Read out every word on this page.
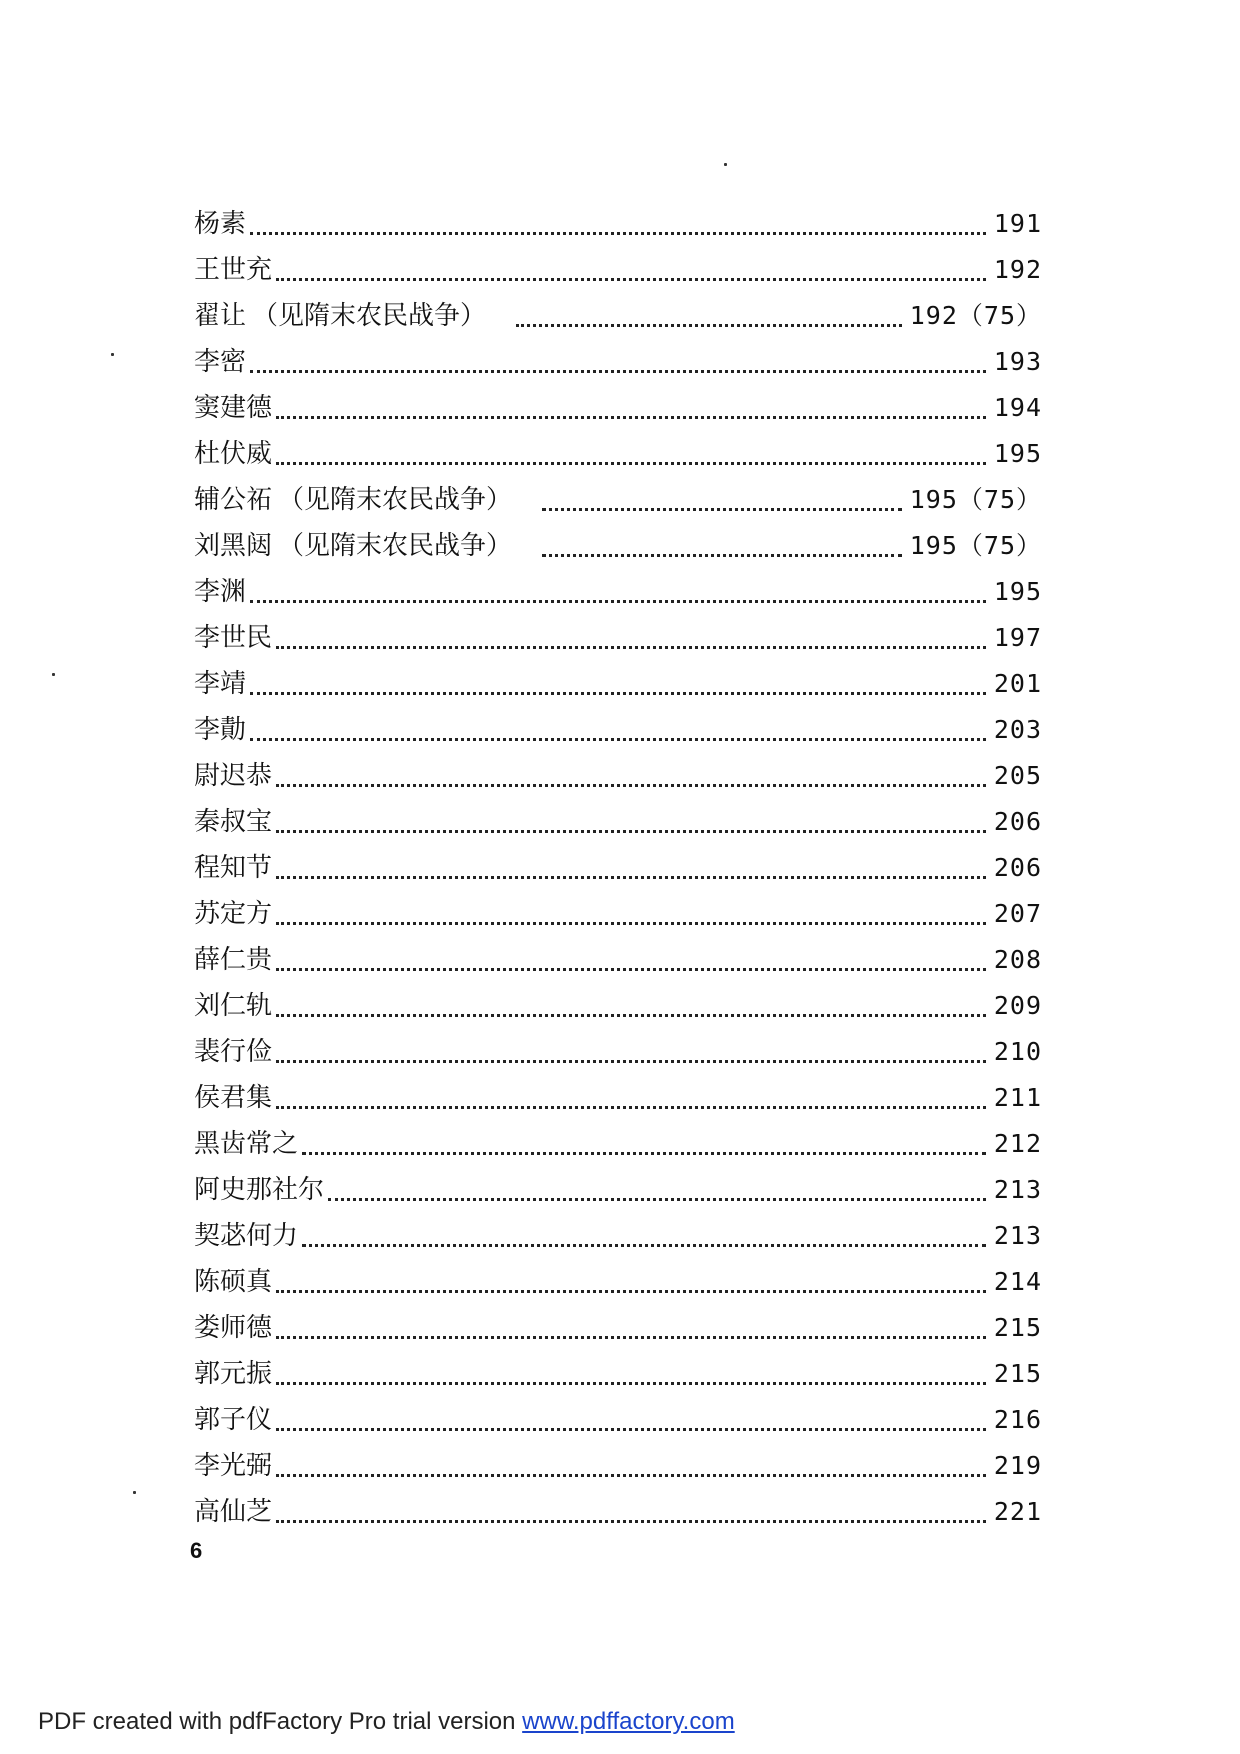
杨素	191
王世充	192
翟让 （见隋末农民战争）	192（75）
李密	193
窦建德	194
杜伏威	195
辅公祏 （见隋末农民战争）	195（75）
刘黑闼 （见隋末农民战争）	195（75）
李渊	195
李世民	197
李靖	201
李勣	203
尉迟恭	205
秦叔宝	206
程知节	206
苏定方	207
薛仁贵	208
刘仁轨	209
裴行俭	210
侯君集	211
黑齿常之	212
阿史那社尔	213
契苾何力	213
陈硕真	214
娄师德	215
郭元振	215
郭子仪	216
李光弼	219
高仙芝	221
6
PDF created with pdfFactory Pro trial version www.pdffactory.com
